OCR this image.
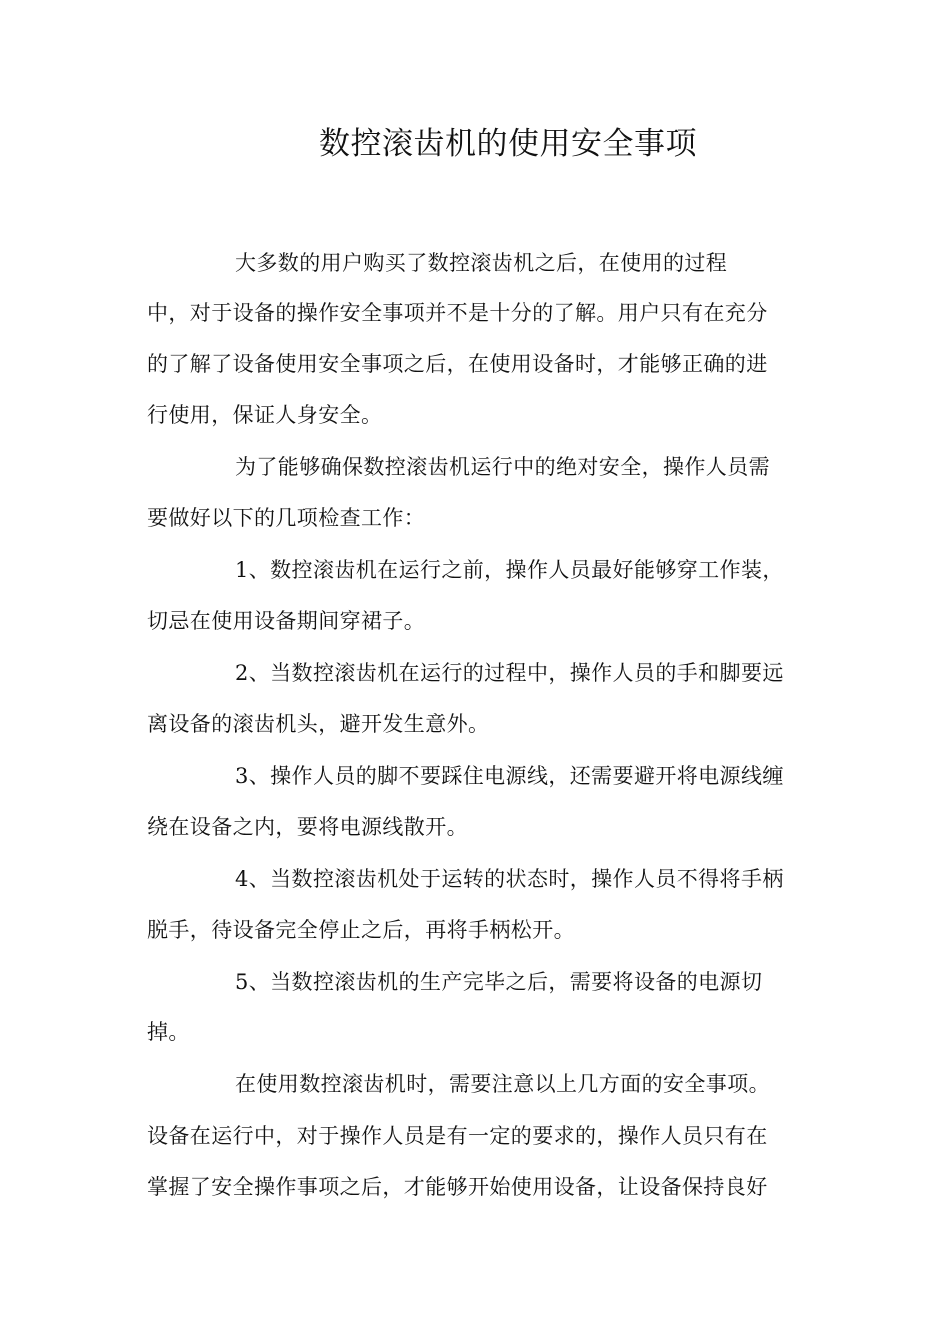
数控滚齿机的使用安全事项

大多数的用户购买了数控滚齿机之后，在使用的过程

中，对于设备的操作安全事项并不是十分的了解。用户只有在充分

的了解了设备使用安全事项之后，在使用设备时，才能够正确的进

行使用，保证人身安全。

为了能够确保数控滚齿机运行中的绝对安全，操作人员需

要做好以下的几项检查工作：

1、数控滚齿机在运行之前，操作人员最好能够穿工作装，

切忌在使用设备期间穿裙子。

2、当数控滚齿机在运行的过程中，操作人员的手和脚要远

离设备的滚齿机头，避开发生意外。

3、操作人员的脚不要踩住电源线，还需要避开将电源线缠

绕在设备之内，要将电源线散开。

4、当数控滚齿机处于运转的状态时，操作人员不得将手柄

脱手，待设备完全停止之后，再将手柄松开。

5、当数控滚齿机的生产完毕之后，需要将设备的电源切

掉。

在使用数控滚齿机时，需要注意以上几方面的安全事项。

设备在运行中，对于操作人员是有一定的要求的，操作人员只有在

掌握了安全操作事项之后，才能够开始使用设备，让设备保持良好
